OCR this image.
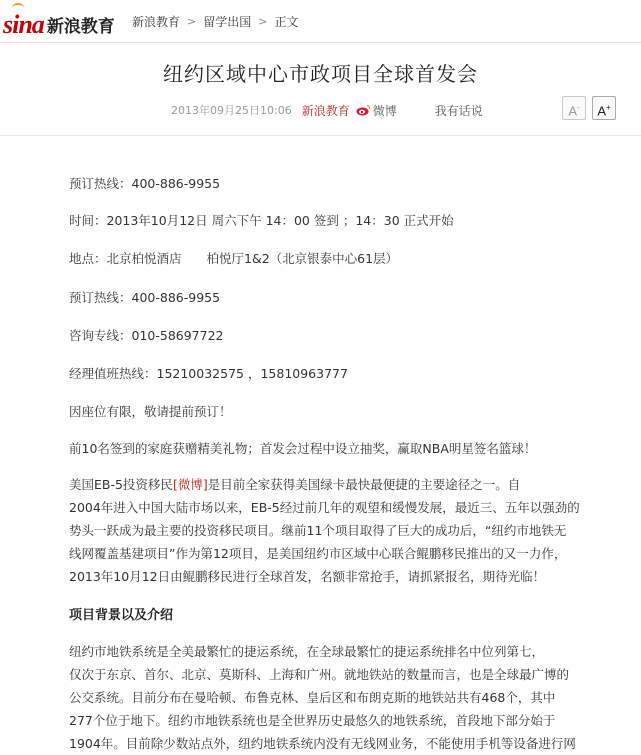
sina 新浪教育 新浪教育 > 留学出国 > 正文
纽约区域中心市政项目全球首发会
2013年09月25日10:06 新浪教育 微博	我有话说	A-	A+
预订热线：400-886-9955
时间：2013年10月12日 周六下午 14：00 签到 ；14：30 正式开始
地点：北京柏悦酒店　　柏悦厅1&2（北京银泰中心61层）
预订热线：400-886-9955
咨询专线：010-58697722
经理值班热线：15210032575 ，15810963777
因座位有限，敬请提前预订！
前10名签到的家庭获赠精美礼物；首发会过程中设立抽奖，赢取NBA明星签名篮球！
美国EB-5投资移民[微博]是目前全家获得美国绿卡最快最便捷的主要途径之一。自
2004年进入中国大陆市场以来，EB-5经过前几年的观望和缓慢发展，最近三、五年以强劲的
势头一跃成为最主要的投资移民项目。继前11个项目取得了巨大的成功后，“纽约市地铁无
线网覆盖基建项目”作为第12项目，是美国纽约市区域中心联合鲲鹏移民推出的又一力作，
2013年10月12日由鲲鹏移民进行全球首发，名额非常抢手，请抓紧报名，期待光临！
项目背景以及介绍
纽约市地铁系统是全美最繁忙的捷运系统，在全球最繁忙的捷运系统排名中位列第七，
仅次于东京、首尔、北京、莫斯科、上海和广州。就地铁站的数量而言，也是全球最广博的
公交系统。目前分布在曼哈顿、布鲁克林、皇后区和布朗克斯的地铁站共有468个，其中
277个位于地下。纽约市地铁系统也是全世界历史最悠久的地铁系统，首段地下部分始于
1904年。目前除少数站点外，纽约地铁系统内没有无线网业务，不能使用手机等设备进行网
